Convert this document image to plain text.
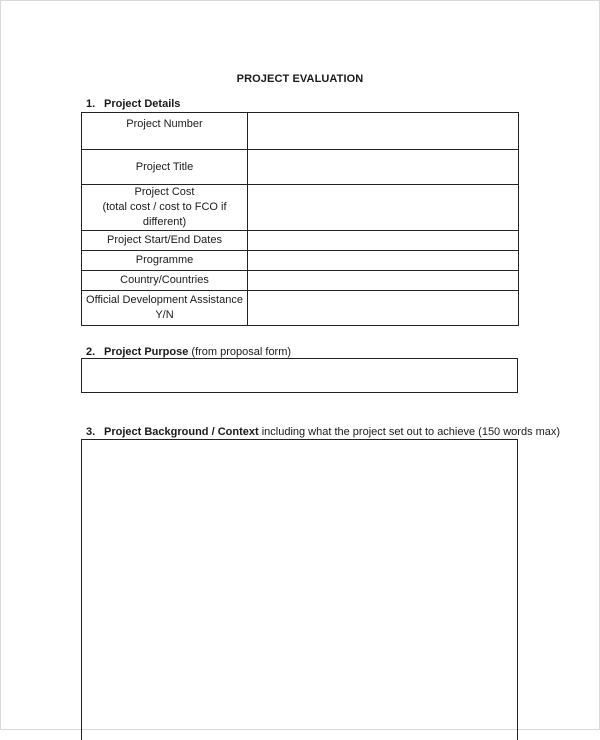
PROJECT EVALUATION
1. Project Details
Project Number	
Project Title	
Project Cost
(total cost / cost to FCO if different)	
Project Start/End Dates	
Programme	
Country/Countries	
Official Development Assistance
Y/N	
2. Project Purpose (from proposal form)
3. Project Background / Context including what the project set out to achieve (150 words max)
